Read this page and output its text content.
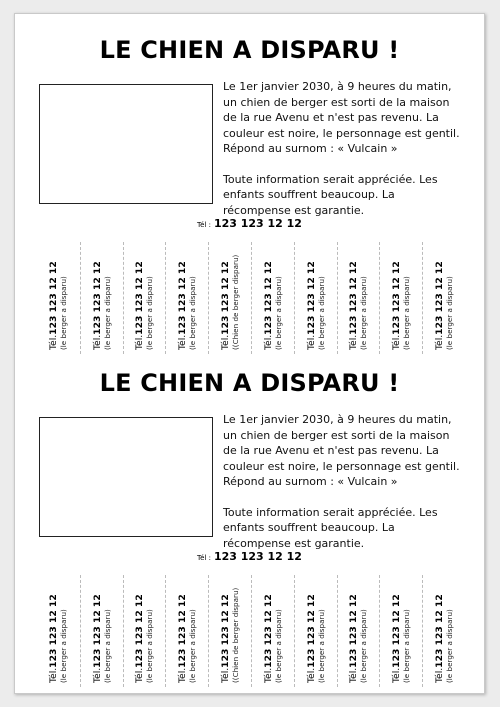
LE CHIEN A DISPARU !

Le 1er janvier 2030, à 9 heures du matin, un chien de berger est sorti de la maison de la rue Avenu et n'est pas revenu. La couleur est noire, le personnage est gentil. Répond au surnom : « Vulcain »

Toute information serait appréciée. Les enfants souffrent beaucoup. La récompense est garantie.

Tél : 123 123 12 12
Tél.123 123 12 12 (le berger a disparu)	Tél.123 123 12 12 (le berger a disparu) Tél.123 123 12 12 (le berger a disparu) Tél.123 123 12 12 (le berger a disparu) Tél.123 123 12 12 ((Chien de berger disparu) Tél.123 123 12 12 (le berger a disparu) Tél.123 123 12 12 (le berger a disparu) Tél.123 123 12 12 (le berger a disparu) Tél.123 123 12 12 (le berger a disparu) Tél.123 123 12 12 (le berger a disparu)
LE CHIEN A DISPARU !

Le 1er janvier 2030, à 9 heures du matin, un chien de berger est sorti de la maison de la rue Avenu et n'est pas revenu. La couleur est noire, le personnage est gentil. Répond au surnom : « Vulcain »

Toute information serait appréciée. Les enfants souffrent beaucoup. La récompense est garantie.

Tél : 123 123 12 12
Tél.123 123 12 12 (le berger a disparu)	Tél.123 123 12 12 (le berger a disparu) Tél.123 123 12 12 (le berger a disparu) Tél.123 123 12 12 (le berger a disparu) Tél.123 123 12 12 ((Chien de berger disparu) Tél.123 123 12 12 (le berger a disparu) Tél.123 123 12 12 (le berger a disparu) Tél.123 123 12 12 (le berger a disparu) Tél.123 123 12 12 (le berger a disparu) Tél.123 123 12 12 (le berger a disparu)
